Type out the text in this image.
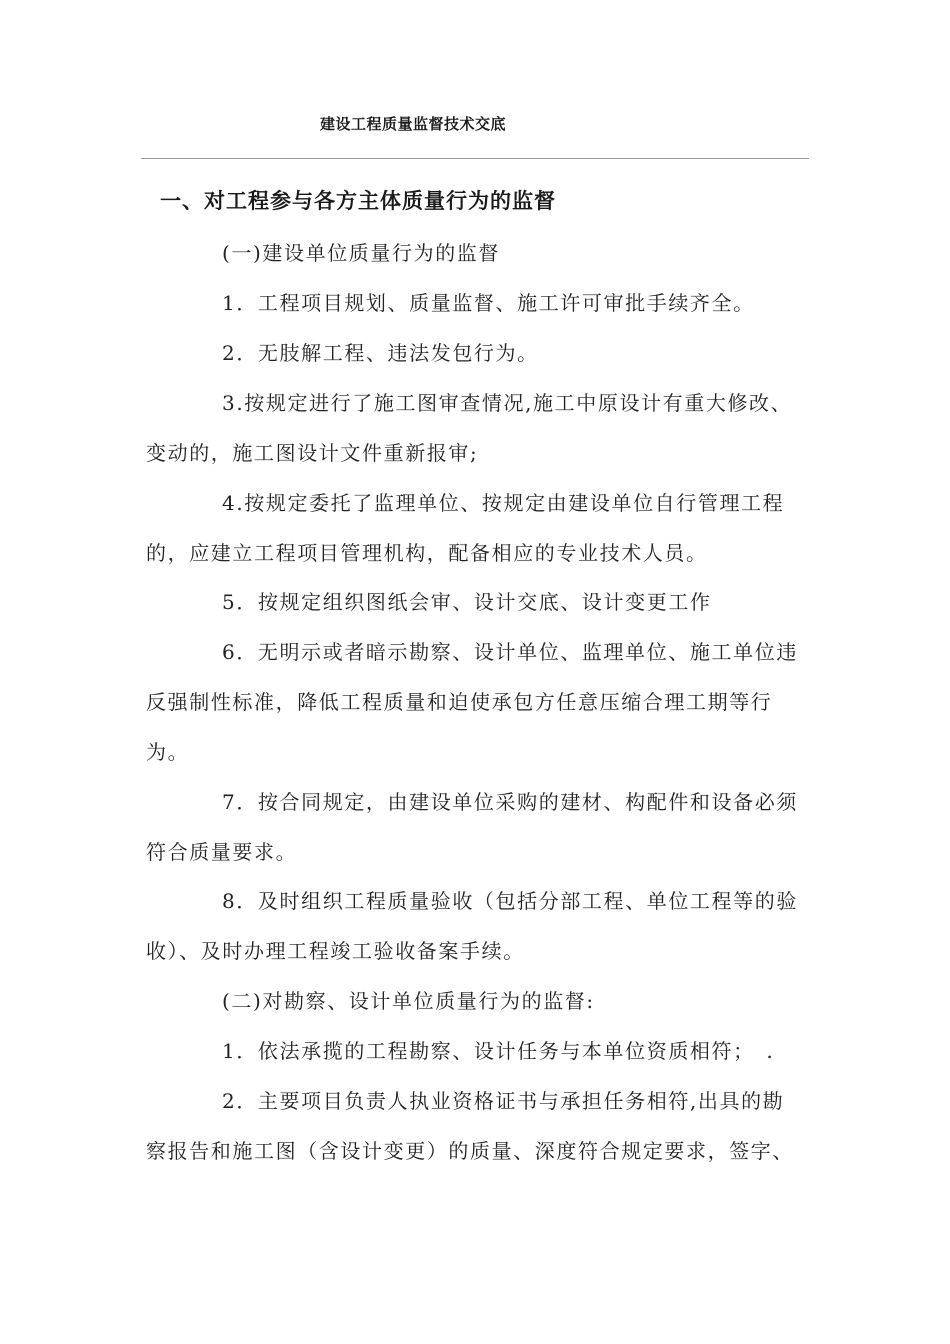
建设工程质量监督技术交底
一、对工程参与各方主体质量行为的监督
(一)建设单位质量行为的监督
1．工程项目规划、质量监督、施工许可审批手续齐全。
2．无肢解工程、违法发包行为。
3.按规定进行了施工图审查情况,施工中原设计有重大修改、
变动的，施工图设计文件重新报审;
4.按规定委托了监理单位、按规定由建设单位自行管理工程
的，应建立工程项目管理机构，配备相应的专业技术人员。
5．按规定组织图纸会审、设计交底、设计变更工作
6．无明示或者暗示勘察、设计单位、监理单位、施工单位违
反强制性标准，降低工程质量和迫使承包方任意压缩合理工期等行
为。
7．按合同规定，由建设单位采购的建材、构配件和设备必须
符合质量要求。
8．及时组织工程质量验收（包括分部工程、单位工程等的验
收）、及时办理工程竣工验收备案手续。
(二)对勘察、设计单位质量行为的监督:
1．依法承揽的工程勘察、设计任务与本单位资质相符；　.
2．主要项目负责人执业资格证书与承担任务相符,出具的勘
察报告和施工图（含设计变更）的质量、深度符合规定要求，签字、
